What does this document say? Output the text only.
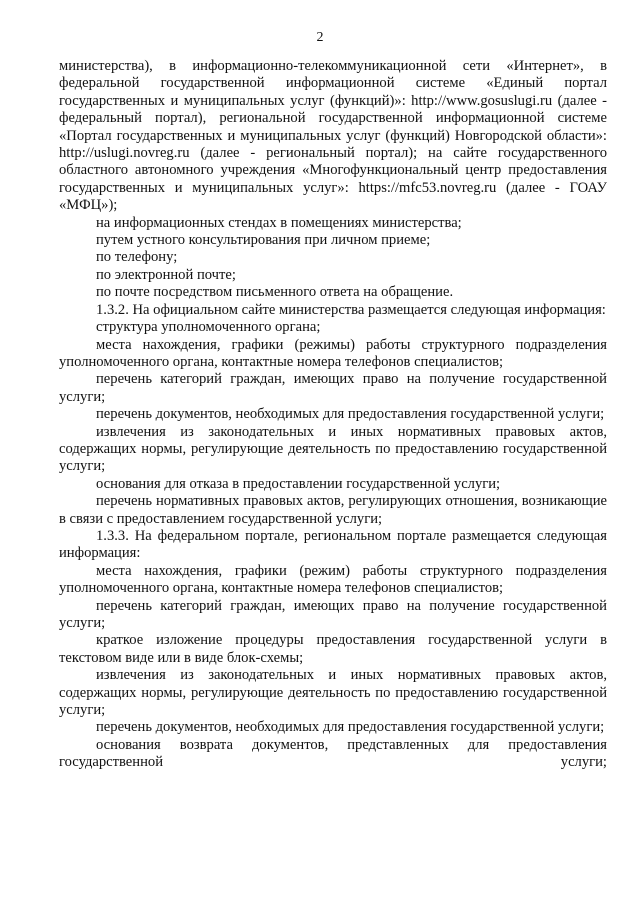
2

министерства), в информационно-телекоммуникационной сети «Интернет», в федеральной государственной информационной системе «Единый портал государственных и муниципальных услуг (функций)»: http://www.gosuslugi.ru (далее - федеральный портал), региональной государственной информационной системе «Портал государственных и муниципальных услуг (функций) Новгородской области»: http://uslugi.novreg.ru (далее - региональный портал); на сайте государственного областного автономного учреждения «Многофункциональный центр предоставления государственных и муниципальных услуг»: https://mfc53.novreg.ru (далее - ГОАУ «МФЦ»);

на информационных стендах в помещениях министерства;

путем устного консультирования при личном приеме;

по телефону;

по электронной почте;

по почте посредством письменного ответа на обращение.

1.3.2. На официальном сайте министерства размещается следующая информация:

структура уполномоченного органа;

места нахождения, графики (режимы) работы структурного подразделения уполномоченного органа, контактные номера телефонов специалистов;

перечень категорий граждан, имеющих право на получение государственной услуги;

перечень документов, необходимых для предоставления государственной услуги;

извлечения из законодательных и иных нормативных правовых актов, содержащих нормы, регулирующие деятельность по предоставлению государственной услуги;

основания для отказа в предоставлении государственной услуги;

перечень нормативных правовых актов, регулирующих отношения, возникающие в связи с предоставлением государственной услуги;

1.3.3. На федеральном портале, региональном портале размещается следующая информация:

места нахождения, графики (режим) работы структурного подразделения уполномоченного органа, контактные номера телефонов специалистов;

перечень категорий граждан, имеющих право на получение государственной услуги;

краткое изложение процедуры предоставления государственной услуги в текстовом виде или в виде блок-схемы;

извлечения из законодательных и иных нормативных правовых актов, содержащих нормы, регулирующие деятельность по предоставлению государственной услуги;

перечень документов, необходимых для предоставления государственной услуги;

основания возврата документов, представленных для предоставления государственной услуги;
